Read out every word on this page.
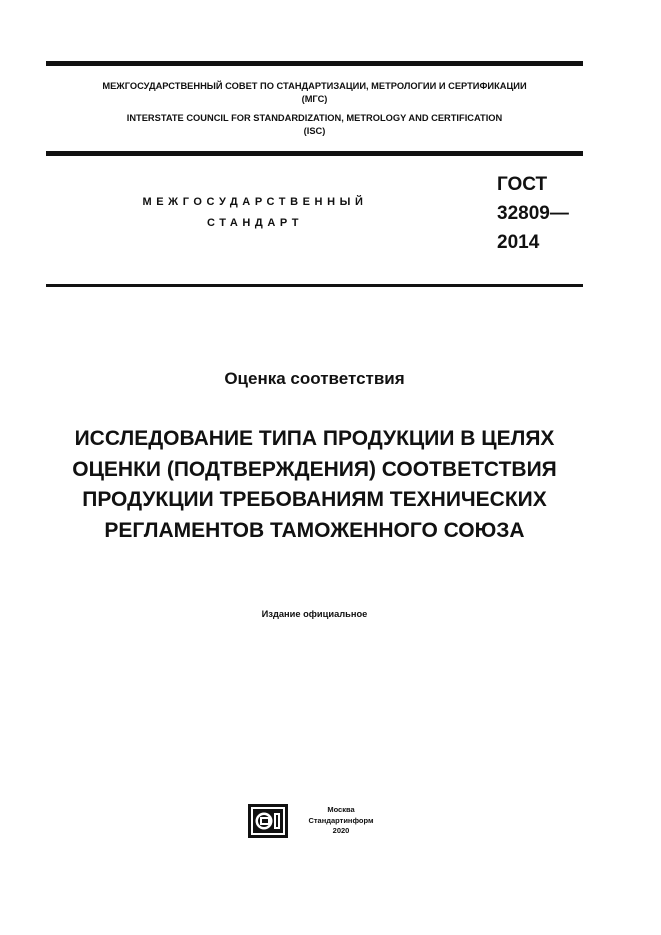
МЕЖГОСУДАРСТВЕННЫЙ СОВЕТ ПО СТАНДАРТИЗАЦИИ, МЕТРОЛОГИИ И СЕРТИФИКАЦИИ
(МГС)
INTERSTATE COUNCIL FOR STANDARDIZATION, METROLOGY AND CERTIFICATION
(ISC)
МЕЖГОСУДАРСТВЕННЫЙ
СТАНДАРТ
ГОСТ
32809—
2014
Оценка соответствия
ИССЛЕДОВАНИЕ ТИПА ПРОДУКЦИИ В ЦЕЛЯХ
ОЦЕНКИ (ПОДТВЕРЖДЕНИЯ) СООТВЕТСТВИЯ
ПРОДУКЦИИ ТРЕБОВАНИЯМ ТЕХНИЧЕСКИХ
РЕГЛАМЕНТОВ ТАМОЖЕННОГО СОЮЗА
Издание официальное
Москва
Стандартинформ
2020
